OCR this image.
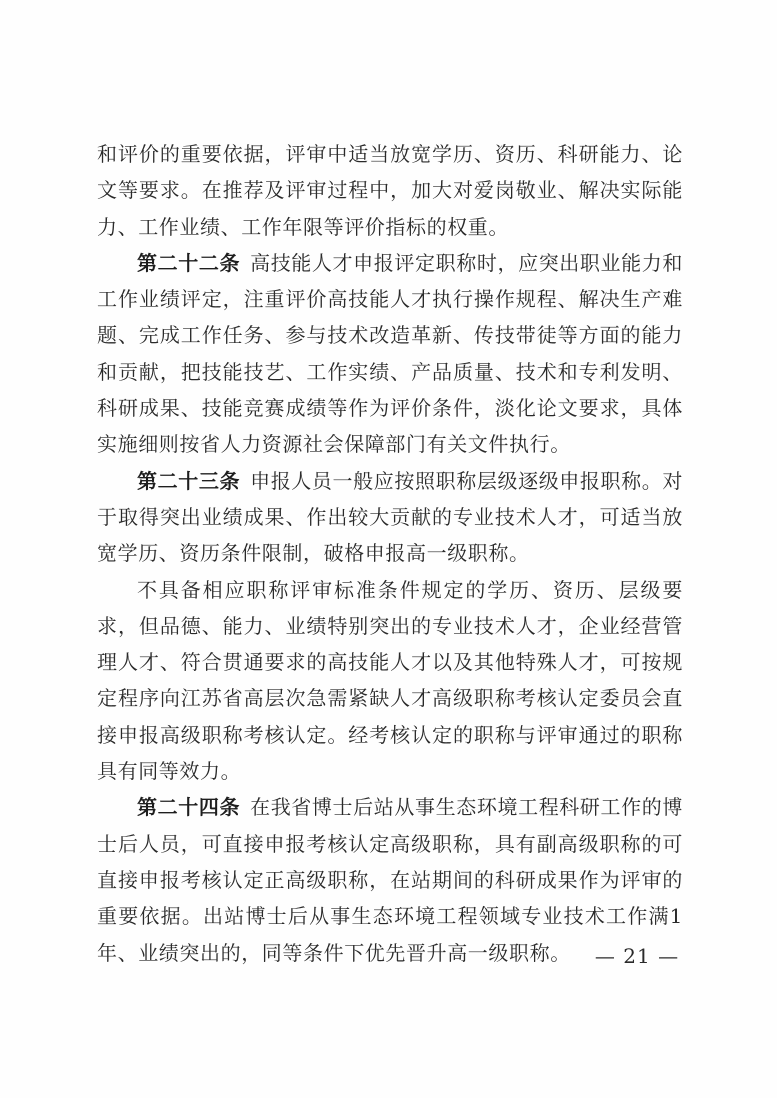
和评价的重要依据，评审中适当放宽学历、资历、科研能力、论文等要求。在推荐及评审过程中，加大对爱岗敬业、解决实际能力、工作业绩、工作年限等评价指标的权重。

第二十二条 高技能人才申报评定职称时，应突出职业能力和工作业绩评定，注重评价高技能人才执行操作规程、解决生产难题、完成工作任务、参与技术改造革新、传技带徒等方面的能力和贡献，把技能技艺、工作实绩、产品质量、技术和专利发明、科研成果、技能竞赛成绩等作为评价条件，淡化论文要求，具体实施细则按省人力资源社会保障部门有关文件执行。

第二十三条 申报人员一般应按照职称层级逐级申报职称。对于取得突出业绩成果、作出较大贡献的专业技术人才，可适当放宽学历、资历条件限制，破格申报高一级职称。

不具备相应职称评审标准条件规定的学历、资历、层级要求，但品德、能力、业绩特别突出的专业技术人才，企业经营管理人才、符合贯通要求的高技能人才以及其他特殊人才，可按规定程序向江苏省高层次急需紧缺人才高级职称考核认定委员会直接申报高级职称考核认定。经考核认定的职称与评审通过的职称具有同等效力。

第二十四条 在我省博士后站从事生态环境工程科研工作的博士后人员，可直接申报考核认定高级职称，具有副高级职称的可直接申报考核认定正高级职称，在站期间的科研成果作为评审的重要依据。出站博士后从事生态环境工程领域专业技术工作满1年、业绩突出的，同等条件下优先晋升高一级职称。	— 21 —
